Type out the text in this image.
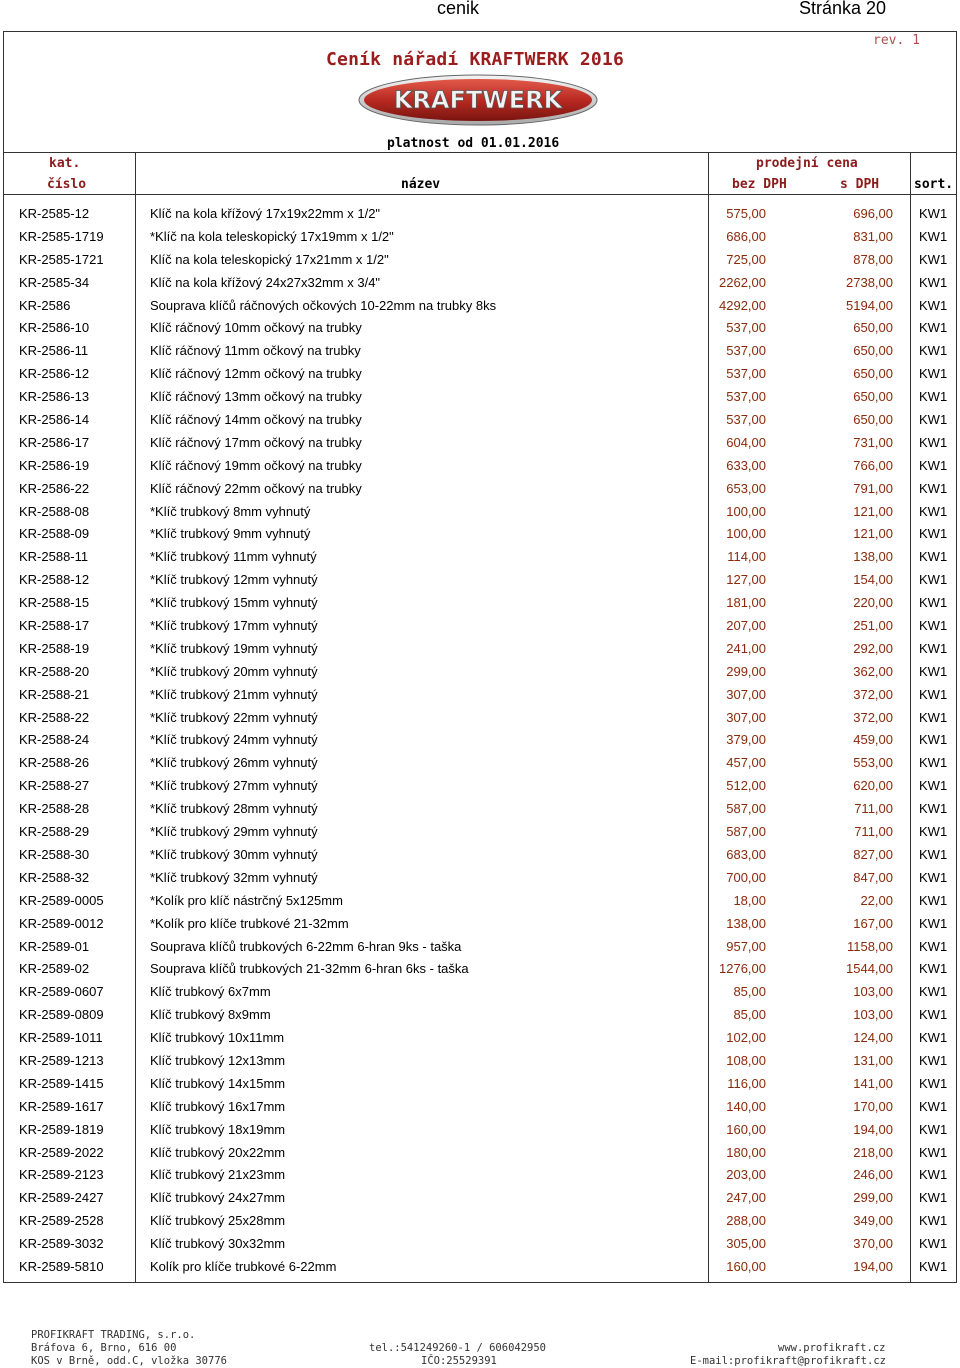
cenik	Stránka 20
Ceník nářadí KRAFTWERK 2016
rev. 1
KRAFTWERK
platnost od 01.01.2016
kat.	prodejní cena
číslo	název	bez DPH	s DPH	sort.
KR-2585-12	Klíč na kola křížový 17x19x22mm x 1/2"	575,00	696,00 KW1
KR-2585-1719	*Klíč na kola teleskopický 17x19mm x 1/2"	686,00	831,00 KW1
KR-2585-1721	Klíč na kola teleskopický 17x21mm x 1/2"	725,00	878,00 KW1
KR-2585-34	Klíč na kola křížový 24x27x32mm x 3/4"	2262,00	2738,00 KW1
KR-2586	Souprava klíčů ráčnových očkových 10-22mm na trubky 8ks	4292,00	5194,00 KW1
KR-2586-10	Klíč ráčnový 10mm očkový na trubky	537,00	650,00 KW1
KR-2586-11	Klíč ráčnový 11mm očkový na trubky	537,00	650,00 KW1
KR-2586-12	Klíč ráčnový 12mm očkový na trubky	537,00	650,00 KW1
KR-2586-13	Klíč ráčnový 13mm očkový na trubky	537,00	650,00 KW1
KR-2586-14	Klíč ráčnový 14mm očkový na trubky	537,00	650,00 KW1
KR-2586-17	Klíč ráčnový 17mm očkový na trubky	604,00	731,00 KW1
KR-2586-19	Klíč ráčnový 19mm očkový na trubky	633,00	766,00 KW1
KR-2586-22	Klíč ráčnový 22mm očkový na trubky	653,00	791,00 KW1
KR-2588-08	*Klíč trubkový 8mm vyhnutý	100,00	121,00 KW1
KR-2588-09	*Klíč trubkový 9mm vyhnutý	100,00	121,00 KW1
KR-2588-11	*Klíč trubkový 11mm vyhnutý	114,00	138,00 KW1
KR-2588-12	*Klíč trubkový 12mm vyhnutý	127,00	154,00 KW1
KR-2588-15	*Klíč trubkový 15mm vyhnutý	181,00	220,00 KW1
KR-2588-17	*Klíč trubkový 17mm vyhnutý	207,00	251,00 KW1
KR-2588-19	*Klíč trubkový 19mm vyhnutý	241,00	292,00 KW1
KR-2588-20	*Klíč trubkový 20mm vyhnutý	299,00	362,00 KW1
KR-2588-21	*Klíč trubkový 21mm vyhnutý	307,00	372,00 KW1
KR-2588-22	*Klíč trubkový 22mm vyhnutý	307,00	372,00 KW1
KR-2588-24	*Klíč trubkový 24mm vyhnutý	379,00	459,00 KW1
KR-2588-26	*Klíč trubkový 26mm vyhnutý	457,00	553,00 KW1
KR-2588-27	*Klíč trubkový 27mm vyhnutý	512,00	620,00 KW1
KR-2588-28	*Klíč trubkový 28mm vyhnutý	587,00	711,00 KW1
KR-2588-29	*Klíč trubkový 29mm vyhnutý	587,00	711,00 KW1
KR-2588-30	*Klíč trubkový 30mm vyhnutý	683,00	827,00 KW1
KR-2588-32	*Klíč trubkový 32mm vyhnutý	700,00	847,00 KW1
KR-2589-0005	*Kolík pro klíč nástrčný 5x125mm	18,00	22,00 KW1
KR-2589-0012	*Kolík pro klíče trubkové 21-32mm	138,00	167,00 KW1
KR-2589-01	Souprava klíčů trubkových 6-22mm 6-hran 9ks - taška	957,00	1158,00 KW1
KR-2589-02	Souprava klíčů trubkových 21-32mm 6-hran 6ks - taška	1276,00	1544,00 KW1
KR-2589-0607	Klíč trubkový 6x7mm	85,00	103,00 KW1
KR-2589-0809	Klíč trubkový 8x9mm	85,00	103,00 KW1
KR-2589-1011	Klíč trubkový 10x11mm	102,00	124,00 KW1
KR-2589-1213	Klíč trubkový 12x13mm	108,00	131,00 KW1
KR-2589-1415	Klíč trubkový 14x15mm	116,00	141,00 KW1
KR-2589-1617	Klíč trubkový 16x17mm	140,00	170,00 KW1
KR-2589-1819	Klíč trubkový 18x19mm	160,00	194,00 KW1
KR-2589-2022	Klíč trubkový 20x22mm	180,00	218,00 KW1
KR-2589-2123	Klíč trubkový 21x23mm	203,00	246,00 KW1
KR-2589-2427	Klíč trubkový 24x27mm	247,00	299,00 KW1
KR-2589-2528	Klíč trubkový 25x28mm	288,00	349,00 KW1
KR-2589-3032	Klíč trubkový 30x32mm	305,00	370,00 KW1
KR-2589-5810	Kolík pro klíče trubkové 6-22mm	160,00	194,00 KW1
PROFIKRAFT TRADING, s.r.o.
Bráfova 6, Brno, 616 00
KOS v Brně, odd.C, vložka 30776
tel.:541249260-1 / 606042950
IČO:25529391
www.profikraft.cz
E-mail:profikraft@profikraft.cz
